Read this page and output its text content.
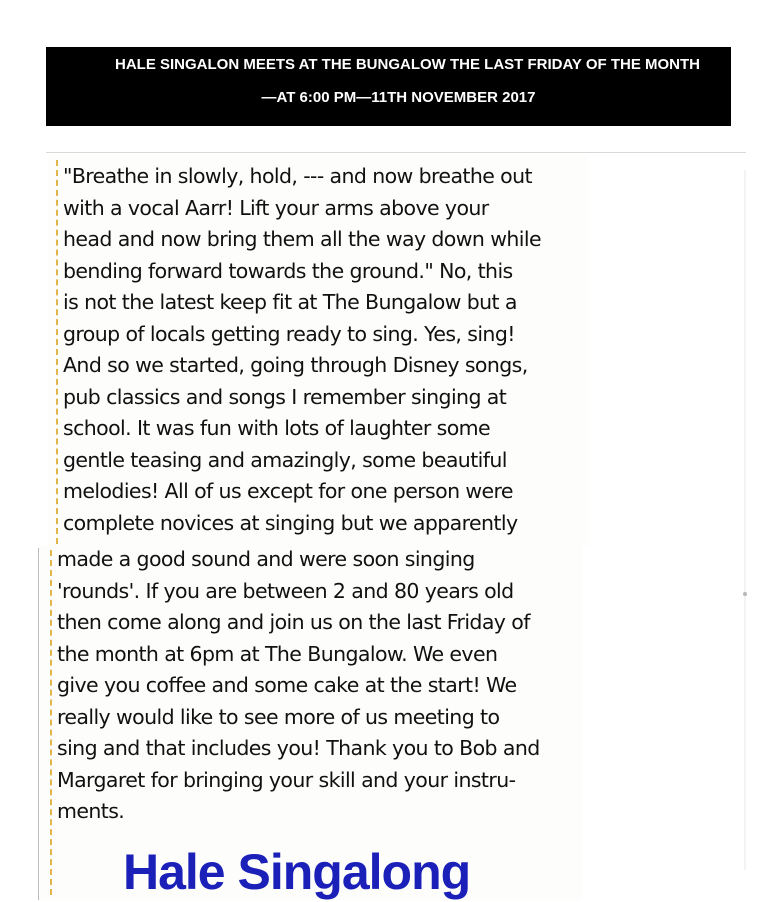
HALE SINGALON MEETS AT THE BUNGALOW THE LAST FRIDAY OF THE MONTH
—AT 6:00 PM—11TH NOVEMBER 2017
"Breathe in slowly, hold, --- and now breathe out
with a vocal Aarr! Lift your arms above your
head and now bring them all the way down while
bending forward towards the ground." No, this
is not the latest keep fit at The Bungalow but a
group of locals getting ready to sing. Yes, sing!
And so we started, going through Disney songs,
pub classics and songs I remember singing at
school. It was fun with lots of laughter some
gentle teasing and amazingly, some beautiful
melodies! All of us except for one person were
complete novices at singing but we apparently
made a good sound and were soon singing
'rounds'. If you are between 2 and 80 years old
then come along and join us on the last Friday of
the month at 6pm at The Bungalow. We even
give you coffee and some cake at the start! We
really would like to see more of us meeting to
sing and that includes you! Thank you to Bob and
Margaret for bringing your skill and your instru-
ments.
Hale Singalong
